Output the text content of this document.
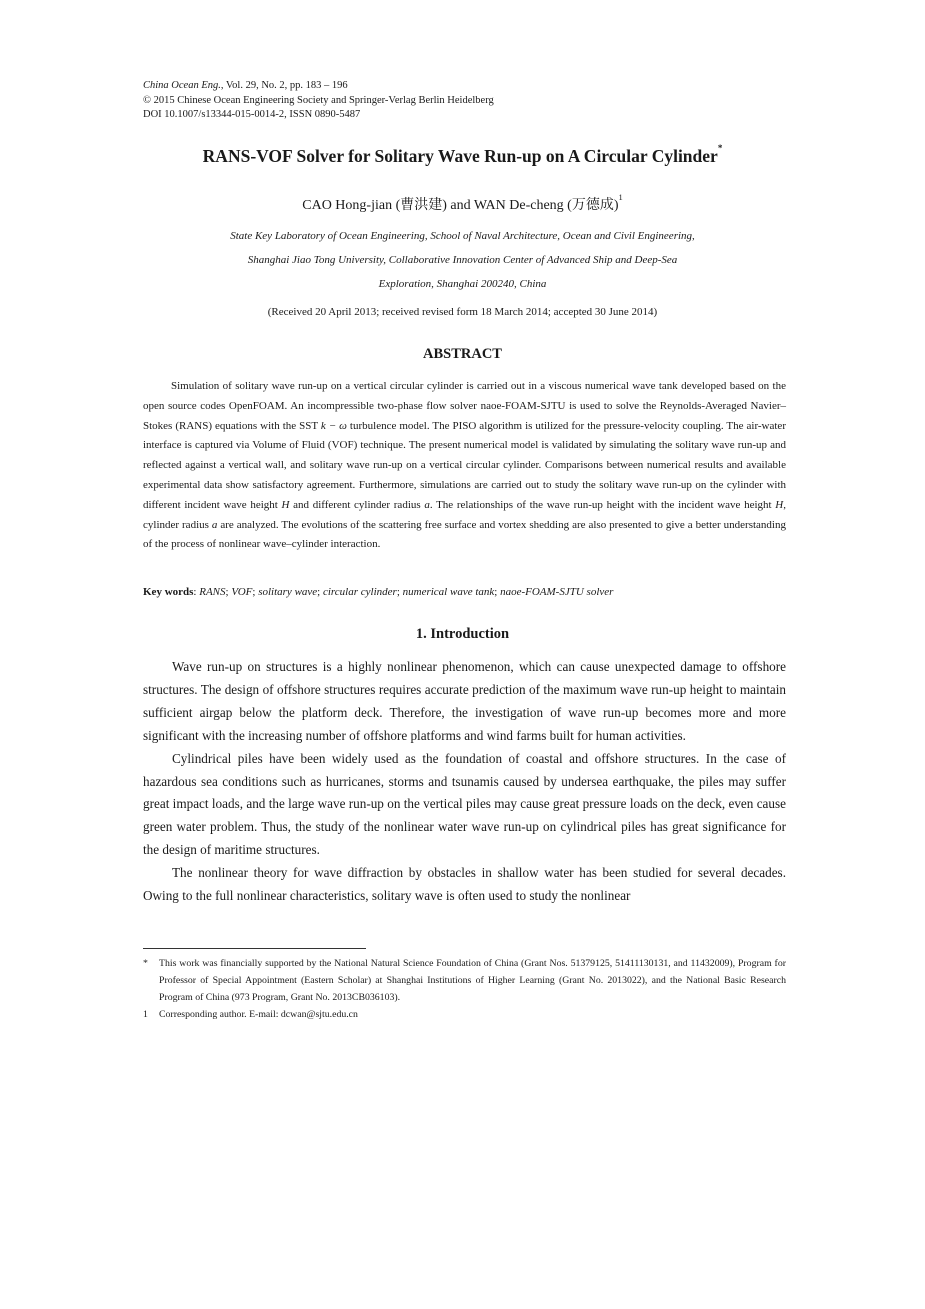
China Ocean Eng., Vol. 29, No. 2, pp. 183 – 196
© 2015 Chinese Ocean Engineering Society and Springer-Verlag Berlin Heidelberg
DOI 10.1007/s13344-015-0014-2, ISSN 0890-5487
RANS-VOF Solver for Solitary Wave Run-up on A Circular Cylinder*
CAO Hong-jian (曹洪建) and WAN De-cheng (万德成)$^1$
State Key Laboratory of Ocean Engineering, School of Naval Architecture, Ocean and Civil Engineering,
Shanghai Jiao Tong University, Collaborative Innovation Center of Advanced Ship and Deep-Sea
Exploration, Shanghai 200240, China
(Received 20 April 2013; received revised form 18 March 2014; accepted 30 June 2014)
ABSTRACT

Simulation of solitary wave run-up on a vertical circular cylinder is carried out in a viscous numerical wave tank developed based on the open source codes OpenFOAM. An incompressible two-phase flow solver naoe-FOAM-SJTU is used to solve the Reynolds-Averaged Navier–Stokes (RANS) equations with the SST k − ω turbulence model. The PISO algorithm is utilized for the pressure-velocity coupling. The air-water interface is captured via Volume of Fluid (VOF) technique. The present numerical model is validated by simulating the solitary wave run-up and reflected against a vertical wall, and solitary wave run-up on a vertical circular cylinder. Comparisons between numerical results and available experimental data show satisfactory agreement. Furthermore, simulations are carried out to study the solitary wave run-up on the cylinder with different incident wave height H and different cylinder radius a. The relationships of the wave run-up height with the incident wave height H, cylinder radius a are analyzed. The evolutions of the scattering free surface and vortex shedding are also presented to give a better understanding of the process of nonlinear wave–cylinder interaction.

Key words: RANS; VOF; solitary wave; circular cylinder; numerical wave tank; naoe-FOAM-SJTU solver
1. Introduction

Wave run-up on structures is a highly nonlinear phenomenon, which can cause unexpected damage to offshore structures. The design of offshore structures requires accurate prediction of the maximum wave run-up height to maintain sufficient airgap below the platform deck. Therefore, the investigation of wave run-up becomes more and more significant with the increasing number of offshore platforms and wind farms built for human activities.

Cylindrical piles have been widely used as the foundation of coastal and offshore structures. In the case of hazardous sea conditions such as hurricanes, storms and tsunamis caused by undersea earthquake, the piles may suffer great impact loads, and the large wave run-up on the vertical piles may cause great pressure loads on the deck, even cause green water problem. Thus, the study of the nonlinear water wave run-up on cylindrical piles has great significance for the design of maritime structures.

The nonlinear theory for wave diffraction by obstacles in shallow water has been studied for several decades. Owing to the full nonlinear characteristics, solitary wave is often used to study the nonlinear

* This work was financially supported by the National Natural Science Foundation of China (Grant Nos. 51379125, 51411130131, and 11432009), Program for Professor of Special Appointment (Eastern Scholar) at Shanghai Institutions of Higher Learning (Grant No. 2013022), and the National Basic Research Program of China (973 Program, Grant No. 2013CB036103).
1 Corresponding author. E-mail: dcwan@sjtu.edu.cn
